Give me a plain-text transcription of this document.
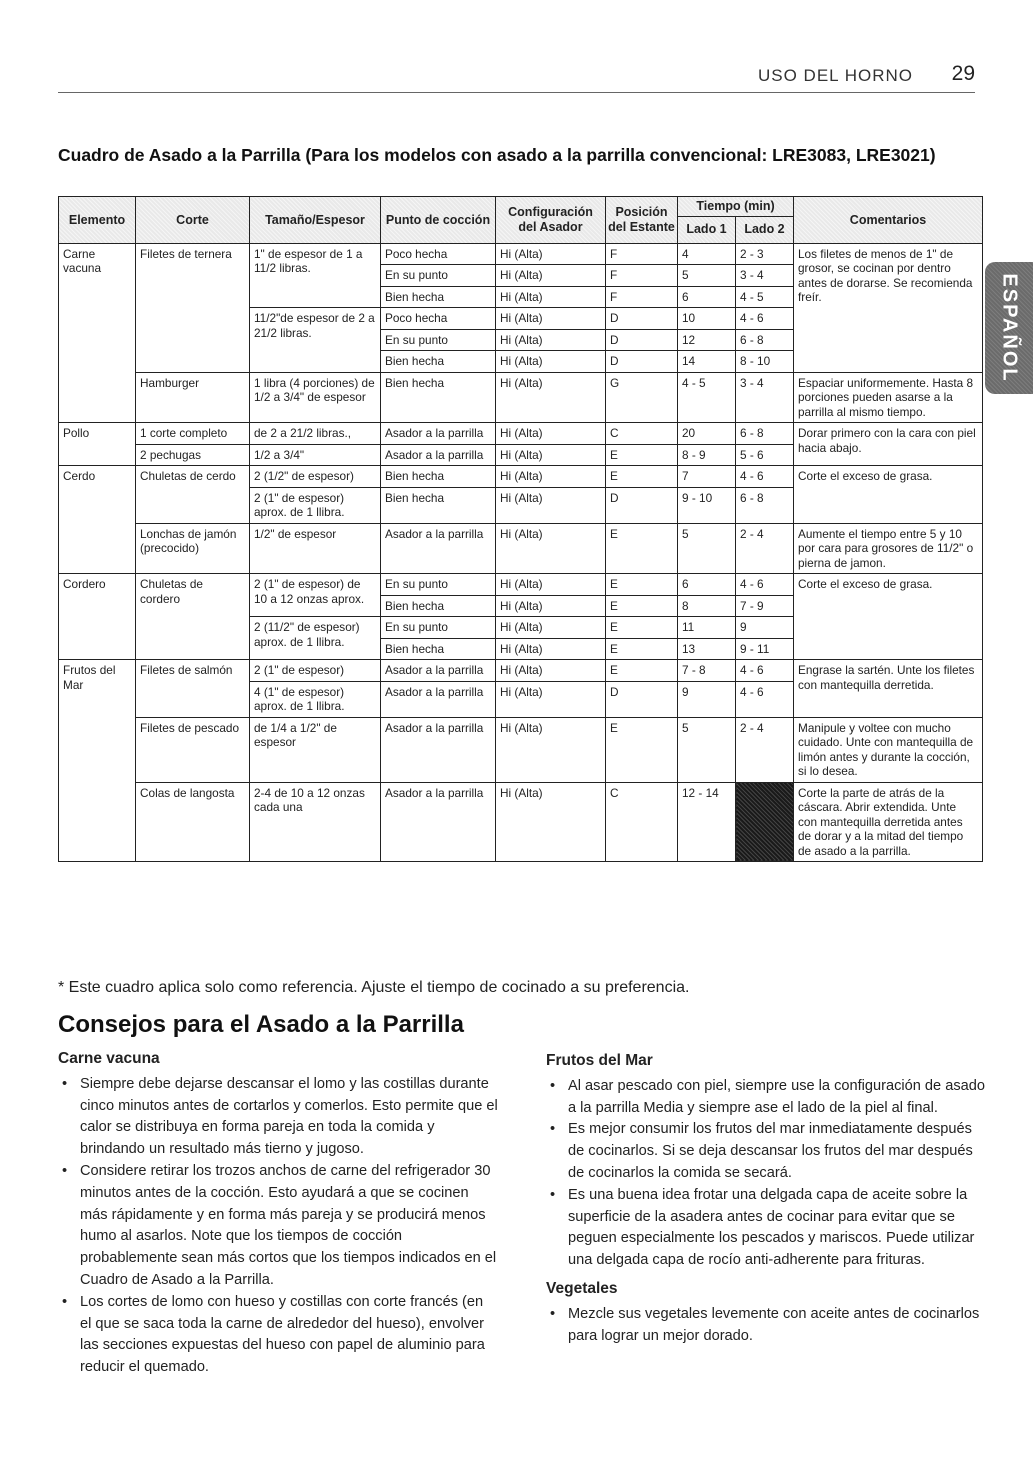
USO DEL HORNO 29
Cuadro de Asado a la Parrilla (Para los modelos con asado a la parrilla convencional: LRE3083, LRE3021)
Elemento	Corte	Tamaño/Espesor	Punto de cocción	Configuración del Asador	Posición del Estante	Tiempo (min)		Comentarios
						Lado 1	Lado 2	
Carne vacuna	Filetes de ternera	1" de espesor de 1 a 11/2 libras.	Poco hecha	Hi (Alta)	F	4	2 - 3	Los filetes de menos de 1" de grosor, se cocinan por dentro antes de dorarse. Se recomienda freír.
			En su punto	Hi (Alta)	F	5	3 - 4	
			Bien hecha	Hi (Alta)	F	6	4 - 5	
		11/2"de espesor de 2 a 21/2 libras.	Poco hecha	Hi (Alta)	D	10	4 - 6	
			En su punto	Hi (Alta)	D	12	6 - 8	
			Bien hecha	Hi (Alta)	D	14	8 - 10	
	Hamburger	1 libra (4 porciones) de 1/2 a 3/4" de espesor	Bien hecha	Hi (Alta)	G	4 - 5	3 - 4	Espaciar uniformemente. Hasta 8 porciones pueden asarse a la parrilla al mismo tiempo.
Pollo	1 corte completo	de 2 a 21/2 libras.,	Asador a la parrilla	Hi (Alta)	C	20	6 - 8	Dorar primero con la cara con piel hacia abajo.
	2 pechugas	1/2 a 3/4"	Asador a la parrilla	Hi (Alta)	E	8 - 9	5 - 6	
Cerdo	Chuletas de cerdo	2 (1/2" de espesor)	Bien hecha	Hi (Alta)	E	7	4 - 6	Corte el exceso de grasa.
		2 (1" de espesor) aprox. de 1 llibra.	Bien hecha	Hi (Alta)	D	9 - 10	6 - 8	
	Lonchas de jamón (precocido)	1/2" de espesor	Asador a la parrilla	Hi (Alta)	E	5	2 - 4	Aumente el tiempo entre 5 y 10 por cara para grosores de 11/2" o pierna de jamon.
Cordero	Chuletas de cordero	2 (1" de espesor) de 10 a 12 onzas aprox.	En su punto	Hi (Alta)	E	6	4 - 6	Corte el exceso de grasa.
			Bien hecha	Hi (Alta)	E	8	7 - 9	
		2 (11/2" de espesor) aprox. de 1 llibra.	En su punto	Hi (Alta)	E	11	9	
			Bien hecha	Hi (Alta)	E	13	9 - 11	
Frutos del Mar	Filetes de salmón	2 (1" de espesor)	Asador a la parrilla	Hi (Alta)	E	7 - 8	4 - 6	Engrase la sartén. Unte los filetes con mantequilla derretida.
		4 (1" de espesor) aprox. de 1 llibra.	Asador a la parrilla	Hi (Alta)	D	9	4 - 6	
	Filetes de pescado	de 1/4 a 1/2" de espesor	Asador a la parrilla	Hi (Alta)	E	5	2 - 4	Manipule y voltee con mucho cuidado. Unte con mantequilla de limón antes y durante la cocción, si lo desea.
	Colas de langosta	2-4 de 10 a 12 onzas cada una	Asador a la parrilla	Hi (Alta)	C	12 - 14		Corte la parte de atrás de la cáscara. Abrir extendida. Unte con mantequilla derretida antes de dorar y a la mitad del tiempo de asado a la parrilla.
* Este cuadro aplica solo como referencia. Ajuste el tiempo de cocinado a su preferencia.
ESPAÑOL
Consejos para el Asado a la Parrilla
Carne vacuna
• Siempre debe dejarse descansar el lomo y las costillas durante cinco minutos antes de cortarlos y comerlos. Esto permite que el calor se distribuya en forma pareja en toda la comida y brindando un resultado más tierno y jugoso.
• Considere retirar los trozos anchos de carne del refrigerador 30 minutos antes de la cocción. Esto ayudará a que se cocinen más rápidamente y en forma más pareja y se producirá menos humo al asarlos. Note que los tiempos de cocción probablemente sean más cortos que los tiempos indicados en el Cuadro de Asado a la Parrilla.
• Los cortes de lomo con hueso y costillas con corte francés (en el que se saca toda la carne de alrededor del hueso), envolver las secciones expuestas del hueso con papel de aluminio para reducir el quemado.
Frutos del Mar
• Al asar pescado con piel, siempre use la configuración de asado a la parrilla Media y siempre ase el lado de la piel al final.
• Es mejor consumir los frutos del mar inmediatamente después de cocinarlos. Si se deja descansar los frutos del mar después de cocinarlos la comida se secará.
• Es una buena idea frotar una delgada capa de aceite sobre la superficie de la asadera antes de cocinar para evitar que se peguen especialmente los pescados y mariscos. Puede utilizar una delgada capa de rocío anti-adherente para frituras.
Vegetales
• Mezcle sus vegetales levemente con aceite antes de cocinarlos para lograr un mejor dorado.
